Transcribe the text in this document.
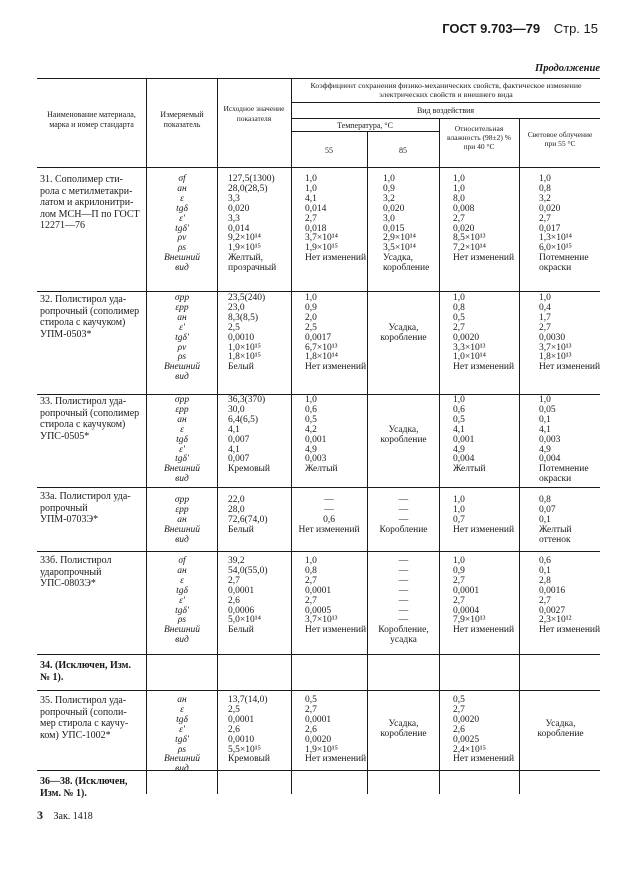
ГОСТ 9.703—79 Стр. 15
Продолжение
Наименование материала, марка и номер стандарта
Измеряемый показатель
Исходное значение показателя
Коэффициент сохранения физико-механических свойств, фактическое изменение электрических свойств и внешнего вида
Вид воздействия
Температура, °С
55	85
Относительная влажность (98±2) % при 40 °С
Световое облучение при 55 °С
31. Сополимер сти-
рола с метилметакри-
латом и акрилонитри-
лом МСН—П по ГОСТ
12271—76
σf
aн
ε
tgδ
ε'
tgδ'
ρv
ρs
Внешний
вид
127,5(1300)
28,0(28,5)
3,3
0,020
3,3
0,014
9,2×10¹⁴
1,9×10¹⁵
Желтый,
прозрачный
1,0
1,0
4,1
0,014
2,7
0,018
3,7×10¹⁴
1,9×10¹⁵
Нет изменений
1,0
0,9
3,2
0,020
3,0
0,015
2,9×10¹⁴
3,5×10¹⁴
Усадка,
коробление
1,0
1,0
8,0
0,008
2,7
0,020
8,5×10¹³
7,2×10¹⁴
Нет изменений
1,0
0,8
3,2
0,020
2,7
0,017
1,3×10¹⁴
6,0×10¹⁵
Потемнение
окраски
32. Полистирол уда-
ропрочный (сополимер
стирола с каучуком)
УПМ-0503*
σpp
εpp
aн
ε'
tgδ'
ρv
ρs
Внешний
вид
23,5(240)
23,0
8,3(8,5)
2,5
0,0010
1,0×10¹⁵
1,8×10¹⁵
Белый
1,0
0,9
2,0
2,5
0,0017
6,7×10¹³
1,8×10¹⁴
Нет изменений
Усадка,
коробление
1,0
0,8
0,5
2,7
0,0020
3,3×10¹³
1,0×10¹⁴
Нет изменений
1,0
0,4
1,7
2,7
0,0030
3,7×10¹³
1,8×10¹³
Нет изменений
33. Полистирол уда-
ропрочный (сополимер
стирола с каучуком)
УПС-0505*
σpp
εpp
aн
ε
tgδ
ε'
tgδ'
Внешний
вид
36,3(370)
30,0
6,4(6,5)
4,1
0,007
4,1
0,007
Кремовый
1,0
0,6
0,5
4,2
0,001
4,9
0,003
Желтый
Усадка,
коробление
1,0
0,6
0,5
4,1
0,001
4,9
0,004
Желтый
1,0
0,05
0,1
4,1
0,003
4,9
0,004
Потемнение
окраски
33а. Полистирол уда-
ропрочный
УПМ-0703Э*
σpp
εpp
aн
Внешний
вид
22,0
28,0
72,6(74,0)
Белый
—
—
0,6
Нет изменений
—
—
—
Коробление
1,0
1,0
0,7
Нет изменений
0,8
0,07
0,1
Желтый
оттенок
33б. Полистирол
ударопрочный
УПС-0803Э*
σf
aн
ε
tgδ
ε'
tgδ'
ρs
Внешний
вид
39,2
54,0(55,0)
2,7
0,0001
2,6
0,0006
5,0×10¹⁴
Белый
1,0
0,8
2,7
0,0001
2,7
0,0005
3,7×10¹³
Нет изменений
—
—
—
—
—
—
—
Коробление,
усадка
1,0
0,9
2,7
0,0001
2,7
0,0004
7,9×10¹³
Нет изменений
0,6
0,1
2,8
0,0016
2,7
0,0027
2,3×10¹²
Нет изменений
34. (Исключен, Изм.
№ 1).
35. Полистирол уда-
ропрочный (сополи-
мер стирола с каучу-
ком) УПС-1002*
aн
ε
tgδ
ε'
tgδ'
ρs
Внешний
вид
13,7(14,0)
2,5
0,0001
2,6
0,0010
5,5×10¹⁵
Кремовый
0,5
2,7
0,0001
2,6
0,0020
1,9×10¹⁵
Нет изменений
Усадка,
коробление
0,5
2,7
0,0020
2,6
0,0025
2,4×10¹⁵
Нет изменений
Усадка,
коробление
36—38. (Исключен,
Изм. № 1).
3 Зак. 1418
